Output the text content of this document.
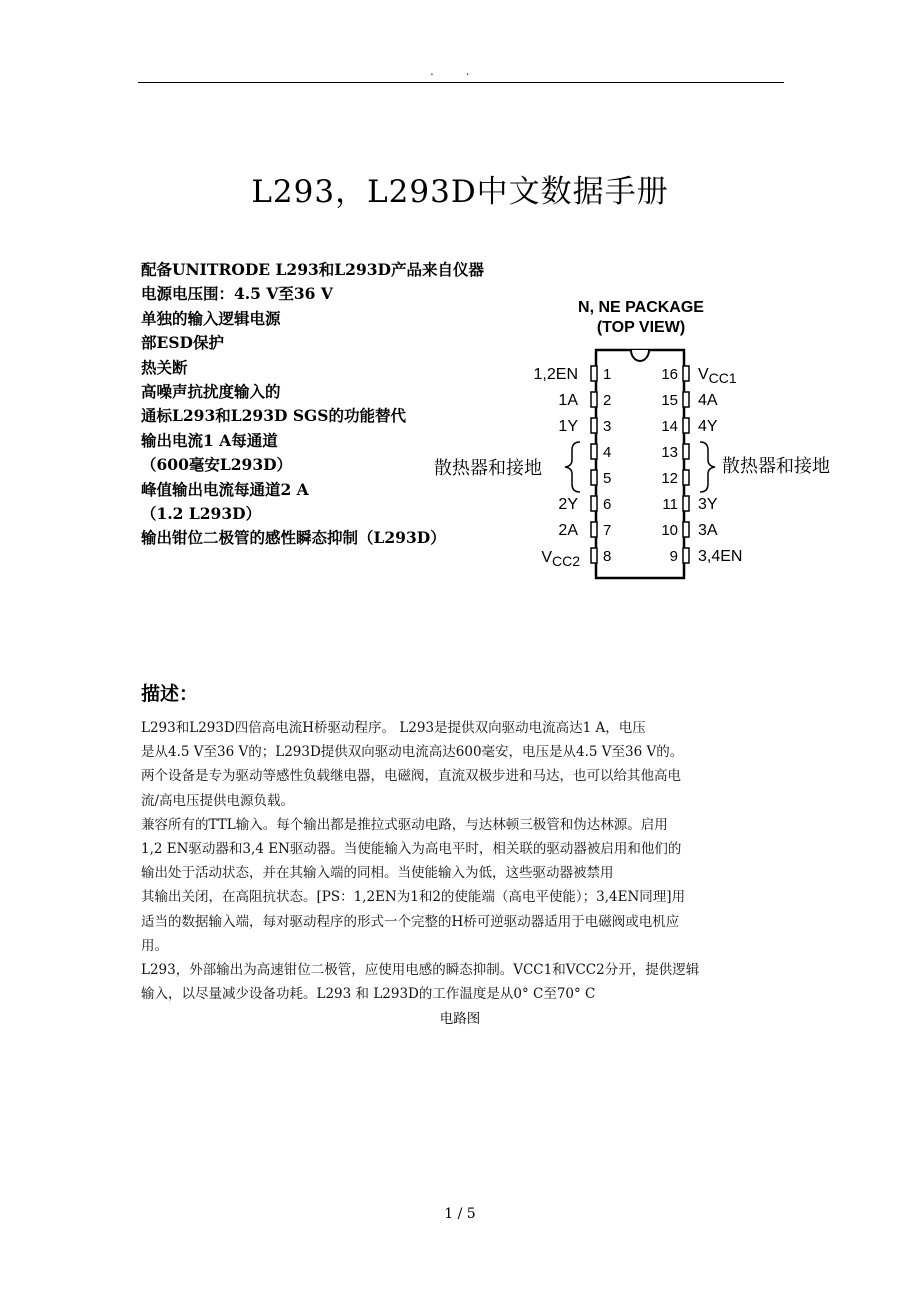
. .
L293，L293D中文数据手册
配备UNITRODE L293和L293D产品来自仪器
电源电压围：4.5 V至36 V
单独的输入逻辑电源
部ESD保护
热关断
高噪声抗扰度输入的
通标L293和L293D SGS的功能替代
输出电流1 A每通道
（600毫安L293D）
峰值输出电流每通道2 A
（1.2 L293D）
输出钳位二极管的感性瞬态抑制（L293D）
N, NE PACKAGE
(TOP VIEW)
1
2
3
4
5
6
7
8
1,2EN
1A
1Y
2Y
2A
VCC2
16
15
14
13
12
11
10
9
VCC1
4A
4Y
3Y
3A
3,4EN
散热器和接地	散热器和接地
描述：
L293和L293D四倍高电流H桥驱动程序。 L293是提供双向驱动电流高达1 A，电压
是从4.5 V至36 V的；L293D提供双向驱动电流高达600毫安，电压是从4.5 V至36 V的。
两个设备是专为驱动等感性负载继电器，电磁阀，直流双极步进和马达，也可以给其他高电
流/高电压提供电源负载。
兼容所有的TTL输入。每个输出都是推拉式驱动电路，与达林顿三极管和伪达林源。启用
1,2 EN驱动器和3,4 EN驱动器。当使能输入为高电平时，相关联的驱动器被启用和他们的
输出处于活动状态，并在其输入端的同相。当使能输入为低，这些驱动器被禁用
其输出关闭，在高阻抗状态。[PS：1,2EN为1和2的使能端（高电平使能）；3,4EN同理]用
适当的数据输入端，每对驱动程序的形式一个完整的H桥可逆驱动器适用于电磁阀或电机应
用。
L293，外部输出为高速钳位二极管，应使用电感的瞬态抑制。VCC1和VCC2分开，提供逻辑
输入，以尽量减少设备功耗。L293 和 L293D的工作温度是从0° C至70° C
电路图
1 / 5
